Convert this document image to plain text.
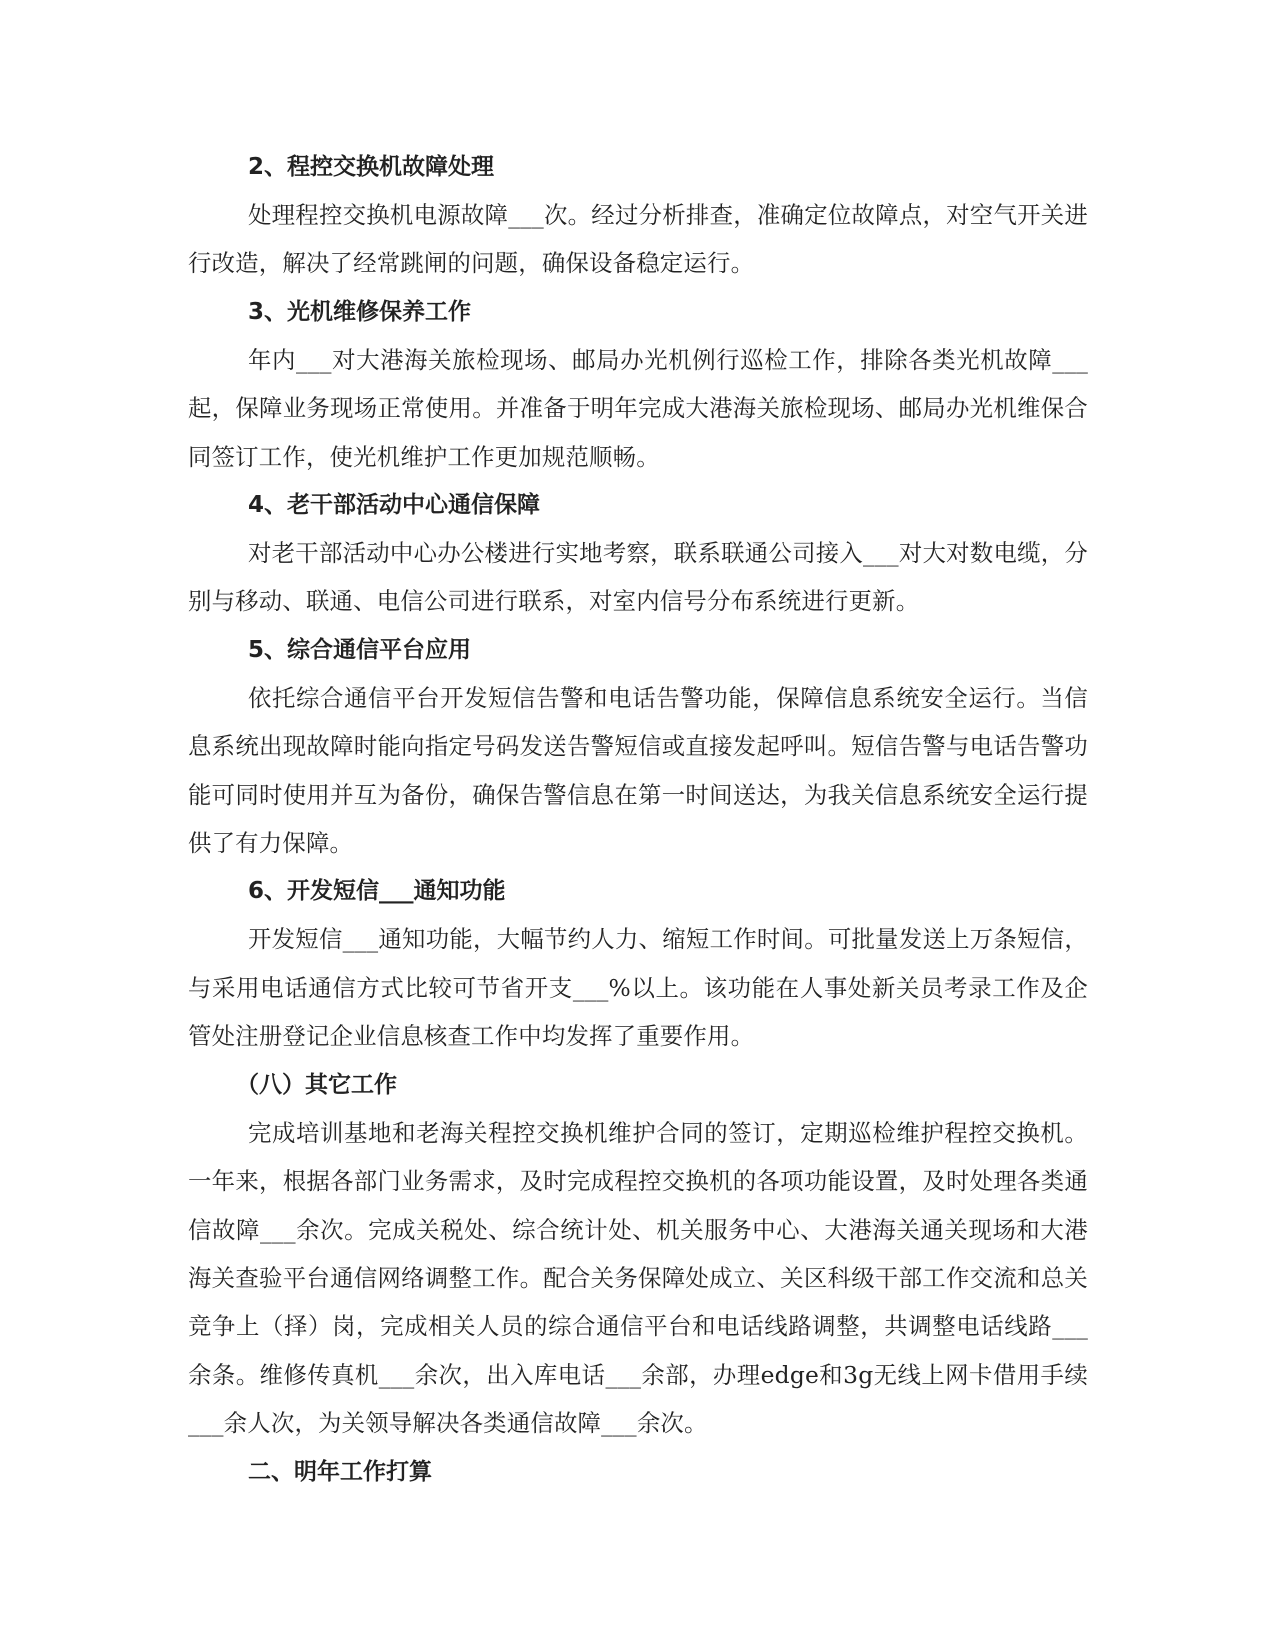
2、程控交换机故障处理

处理程控交换机电源故障___次。经过分析排查，准确定位故障点，对空气开关进行改造，解决了经常跳闸的问题，确保设备稳定运行。

3、光机维修保养工作

年内___对大港海关旅检现场、邮局办光机例行巡检工作，排除各类光机故障___起，保障业务现场正常使用。并准备于明年完成大港海关旅检现场、邮局办光机维保合同签订工作，使光机维护工作更加规范顺畅。

4、老干部活动中心通信保障

对老干部活动中心办公楼进行实地考察，联系联通公司接入___对大对数电缆，分别与移动、联通、电信公司进行联系，对室内信号分布系统进行更新。

5、综合通信平台应用

依托综合通信平台开发短信告警和电话告警功能，保障信息系统安全运行。当信息系统出现故障时能向指定号码发送告警短信或直接发起呼叫。短信告警与电话告警功能可同时使用并互为备份，确保告警信息在第一时间送达，为我关信息系统安全运行提供了有力保障。

6、开发短信___通知功能

开发短信___通知功能，大幅节约人力、缩短工作时间。可批量发送上万条短信，与采用电话通信方式比较可节省开支___%以上。该功能在人事处新关员考录工作及企管处注册登记企业信息核查工作中均发挥了重要作用。

（八）其它工作

完成培训基地和老海关程控交换机维护合同的签订，定期巡检维护程控交换机。一年来，根据各部门业务需求，及时完成程控交换机的各项功能设置，及时处理各类通信故障___余次。完成关税处、综合统计处、机关服务中心、大港海关通关现场和大港海关查验平台通信网络调整工作。配合关务保障处成立、关区科级干部工作交流和总关竞争上（择）岗，完成相关人员的综合通信平台和电话线路调整，共调整电话线路___余条。维修传真机___余次，出入库电话___余部，办理edge和3g无线上网卡借用手续___余人次，为关领导解决各类通信故障___余次。

二、明年工作打算
